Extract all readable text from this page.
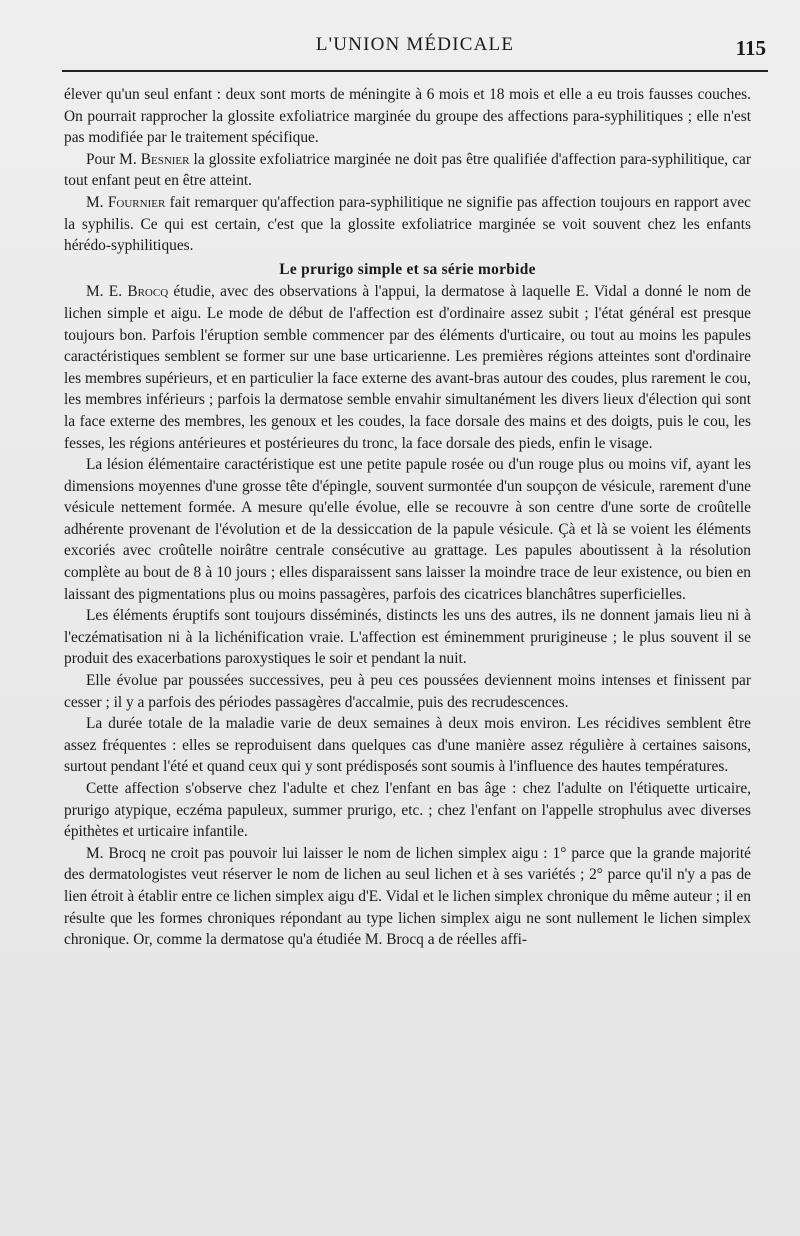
L'UNION MÉDICALE	115

élever qu'un seul enfant : deux sont morts de méningite à 6 mois et 18 mois et elle a eu trois fausses couches. On pourrait rapprocher la glossite exfoliatrice marginée du groupe des affections para-syphilitiques ; elle n'est pas modifiée par le traitement spécifique.

Pour M. Besnier la glossite exfoliatrice marginée ne doit pas être qualifiée d'affection para-syphilitique, car tout enfant peut en être atteint.

M. Fournier fait remarquer qu'affection para-syphilitique ne signifie pas affection toujours en rapport avec la syphilis. Ce qui est certain, c'est que la glossite exfoliatrice marginée se voit souvent chez les enfants hérédo-syphilitiques.

Le prurigo simple et sa série morbide

M. E. Brocq étudie, avec des observations à l'appui, la dermatose à laquelle E. Vidal a donné le nom de lichen simple et aigu. Le mode de début de l'affection est d'ordinaire assez subit ; l'état général est presque toujours bon. Parfois l'éruption semble commencer par des éléments d'urticaire, ou tout au moins les papules caractéristiques semblent se former sur une base urticarienne. Les premières régions atteintes sont d'ordinaire les membres supérieurs, et en particulier la face externe des avant-bras autour des coudes, plus rarement le cou, les membres inférieurs ; parfois la dermatose semble envahir simultanément les divers lieux d'élection qui sont la face externe des membres, les genoux et les coudes, la face dorsale des mains et des doigts, puis le cou, les fesses, les régions antérieures et postérieures du tronc, la face dorsale des pieds, enfin le visage.

La lésion élémentaire caractéristique est une petite papule rosée ou d'un rouge plus ou moins vif, ayant les dimensions moyennes d'une grosse tête d'épingle, souvent surmontée d'un soupçon de vésicule, rarement d'une vésicule nettement formée. A mesure qu'elle évolue, elle se recouvre à son centre d'une sorte de croûtelle adhérente provenant de l'évolution et de la dessiccation de la papule vésicule. Çà et là se voient les éléments excoriés avec croûtelle noirâtre centrale consécutive au grattage. Les papules aboutissent à la résolution complète au bout de 8 à 10 jours ; elles disparaissent sans laisser la moindre trace de leur existence, ou bien en laissant des pigmentations plus ou moins passagères, parfois des cicatrices blanchâtres superficielles.

Les éléments éruptifs sont toujours disséminés, distincts les uns des autres, ils ne donnent jamais lieu ni à l'eczématisation ni à la lichénification vraie. L'affection est éminemment prurigineuse ; le plus souvent il se produit des exacerbations paroxystiques le soir et pendant la nuit.

Elle évolue par poussées successives, peu à peu ces poussées deviennent moins intenses et finissent par cesser ; il y a parfois des périodes passagères d'accalmie, puis des recrudescences.

La durée totale de la maladie varie de deux semaines à deux mois environ. Les récidives semblent être assez fréquentes : elles se reproduisent dans quelques cas d'une manière assez régulière à certaines saisons, surtout pendant l'été et quand ceux qui y sont prédisposés sont soumis à l'influence des hautes températures.

Cette affection s'observe chez l'adulte et chez l'enfant en bas âge : chez l'adulte on l'étiquette urticaire, prurigo atypique, eczéma papuleux, summer prurigo, etc. ; chez l'enfant on l'appelle strophulus avec diverses épithètes et urticaire infantile.

M. Brocq ne croit pas pouvoir lui laisser le nom de lichen simplex aigu : 1° parce que la grande majorité des dermatologistes veut réserver le nom de lichen au seul lichen et à ses variétés ; 2° parce qu'il n'y a pas de lien étroit à établir entre ce lichen simplex aigu d'E. Vidal et le lichen simplex chronique du même auteur ; il en résulte que les formes chroniques répondant au type lichen simplex aigu ne sont nullement le lichen simplex chronique. Or, comme la dermatose qu'a étudiée M. Brocq a de réelles affi-
